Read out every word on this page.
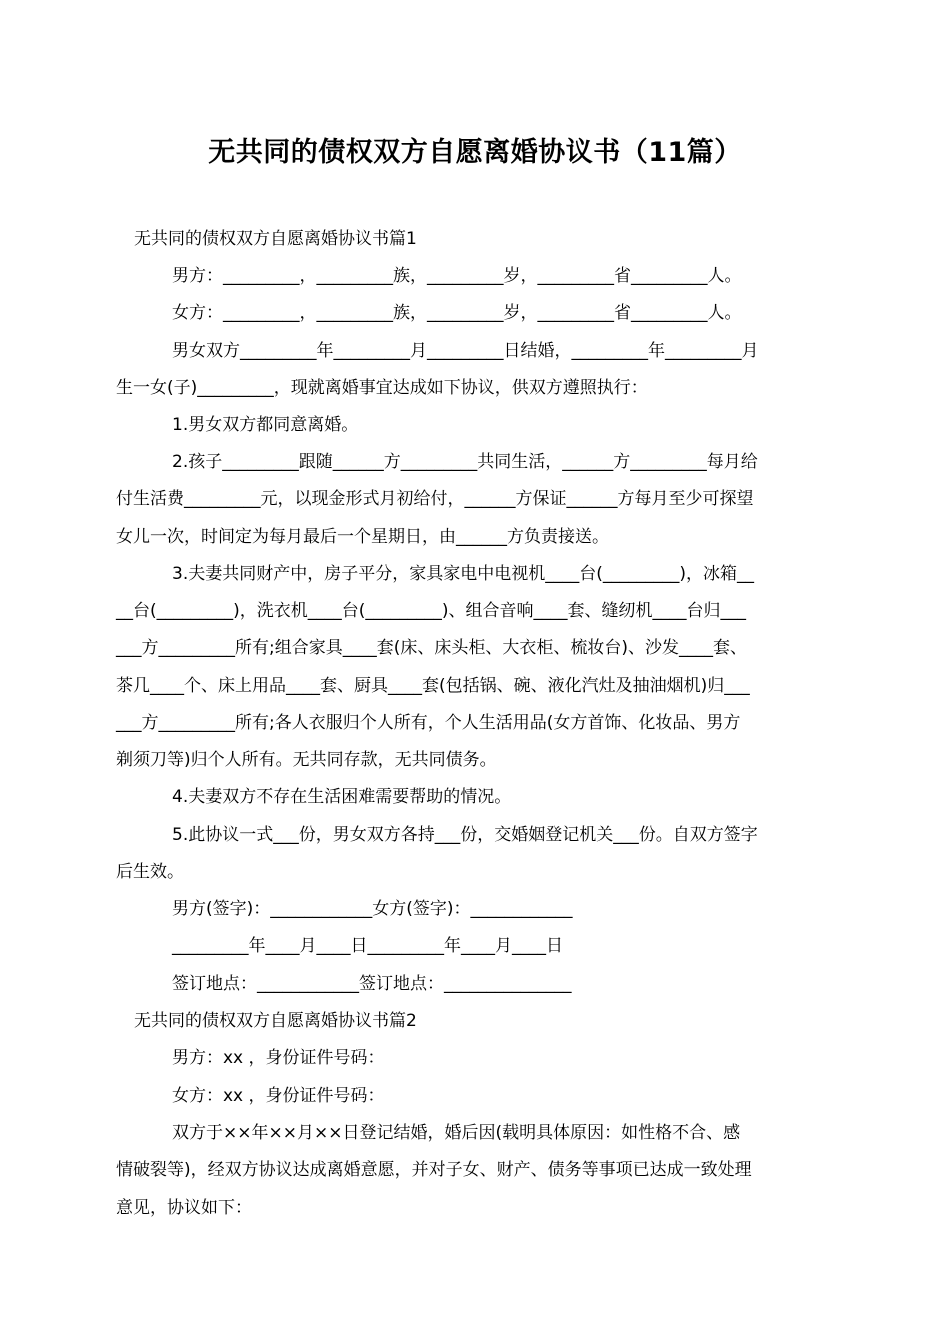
无共同的债权双方自愿离婚协议书（11篇）
无共同的债权双方自愿离婚协议书篇1
男方：_________，_________族，_________岁，_________省_________人。
女方：_________，_________族，_________岁，_________省_________人。
男女双方_________年_________月_________日结婚，_________年_________月
生一女(子)_________，现就离婚事宜达成如下协议，供双方遵照执行：
1.男女双方都同意离婚。
2.孩子_________跟随______方_________共同生活，______方_________每月给
付生活费_________元，以现金形式月初给付，______方保证______方每月至少可探望
女儿一次，时间定为每月最后一个星期日，由______方负责接送。
3.夫妻共同财产中，房子平分，家具家电中电视机____台(_________)，冰箱__
__台(_________)，洗衣机____台(_________)、组合音响____套、缝纫机____台归___
___方_________所有;组合家具____套(床、床头柜、大衣柜、梳妆台)、沙发____套、
茶几____个、床上用品____套、厨具____套(包括锅、碗、液化汽灶及抽油烟机)归___
___方_________所有;各人衣服归个人所有，个人生活用品(女方首饰、化妆品、男方
剃须刀等)归个人所有。无共同存款，无共同债务。
4.夫妻双方不存在生活困难需要帮助的情况。
5.此协议一式___份，男女双方各持___份，交婚姻登记机关___份。自双方签字
后生效。
男方(签字)：____________女方(签字)：____________
_________年____月____日_________年____月____日
签订地点：____________签订地点：_______________
无共同的债权双方自愿离婚协议书篇2
男方：xx ，身份证件号码：
女方：xx ，身份证件号码：
双方于××年××月××日登记结婚，婚后因(载明具体原因：如性格不合、感
情破裂等)，经双方协议达成离婚意愿，并对子女、财产、债务等事项已达成一致处理
意见，协议如下：
